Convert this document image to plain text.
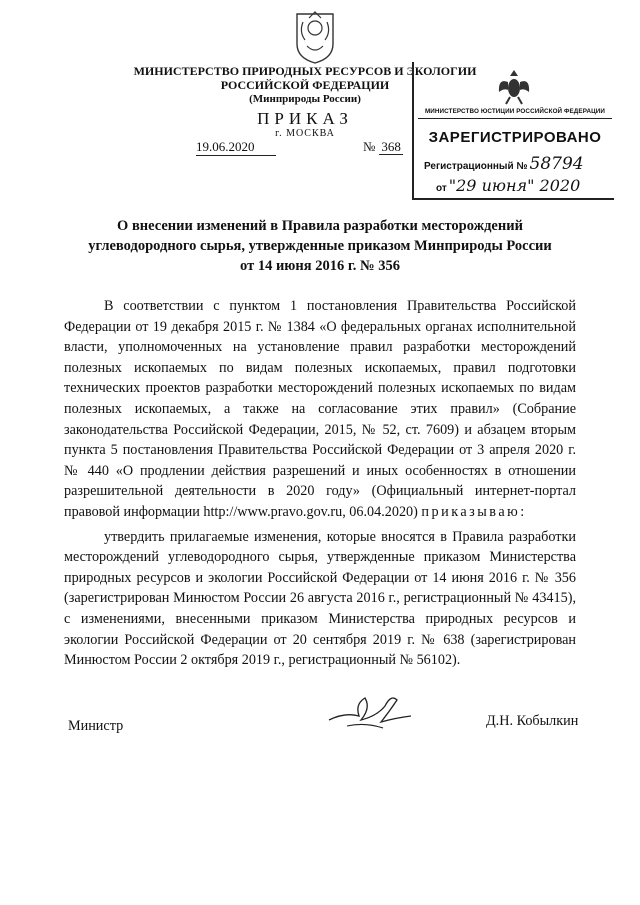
МИНИСТЕРСТВО ПРИРОДНЫХ РЕСУРСОВ И ЭКОЛОГИИ
РОССИЙСКОЙ ФЕДЕРАЦИИ
(Минприроды России)
ПРИКАЗ
г. МОСКВА
19.06.2020	№ 368
МИНИСТЕРСТВО ЮСТИЦИИ РОССИЙСКОЙ ФЕДЕРАЦИИ
ЗАРЕГИСТРИРОВАНО
Регистрационный № 58794
от "29 июня" 2020
О внесении изменений в Правила разработки месторождений
углеводородного сырья, утвержденные приказом Минприроды России
от 14 июня 2016 г. № 356

В соответствии с пунктом 1 постановления Правительства Российской Федерации от 19 декабря 2015 г. № 1384 «О федеральных органах исполнительной власти, уполномоченных на установление правил разработки месторождений полезных ископаемых по видам полезных ископаемых, правил подготовки технических проектов разработки месторождений полезных ископаемых по видам полезных ископаемых, а также на согласование этих правил» (Собрание законодательства Российской Федерации, 2015, № 52, ст. 7609) и абзацем вторым пункта 5 постановления Правительства Российской Федерации от 3 апреля 2020 г. № 440 «О продлении действия разрешений и иных особенностях в отношении разрешительной деятельности в 2020 году» (Официальный интернет-портал правовой информации http://www.pravo.gov.ru, 06.04.2020) приказываю:

утвердить прилагаемые изменения, которые вносятся в Правила разработки месторождений углеводородного сырья, утвержденные приказом Министерства природных ресурсов и экологии Российской Федерации от 14 июня 2016 г. № 356 (зарегистрирован Минюстом России 26 августа 2016 г., регистрационный № 43415), с изменениями, внесенными приказом Министерства природных ресурсов и экологии Российской Федерации от 20 сентября 2019 г. № 638 (зарегистрирован Минюстом России 2 октября 2019 г., регистрационный № 56102).

Министр	Д.Н. Кобылкин
